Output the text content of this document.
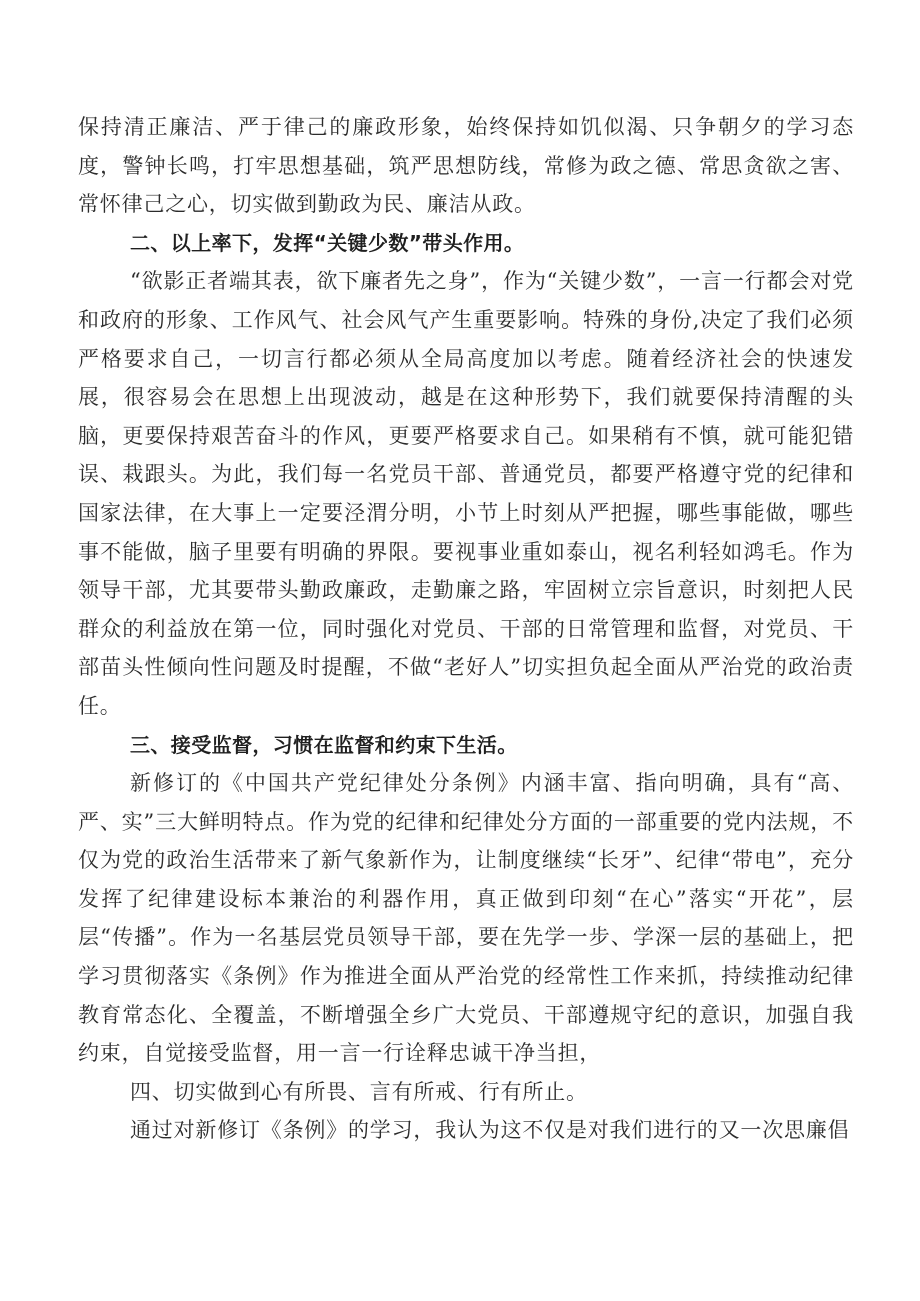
保持清正廉洁、严于律己的廉政形象，始终保持如饥似渴、只争朝夕的学习态度，警钟长鸣，打牢思想基础，筑严思想防线，常修为政之德、常思贪欲之害、常怀律己之心，切实做到勤政为民、廉洁从政。

二、以上率下，发挥“关键少数”带头作用。

“欲影正者端其表，欲下廉者先之身”，作为“关键少数”，一言一行都会对党和政府的形象、工作风气、社会风气产生重要影响。特殊的身份,决定了我们必须严格要求自己，一切言行都必须从全局高度加以考虑。随着经济社会的快速发展，很容易会在思想上出现波动，越是在这种形势下，我们就要保持清醒的头脑，更要保持艰苦奋斗的作风，更要严格要求自己。如果稍有不慎，就可能犯错误、栽跟头。为此，我们每一名党员干部、普通党员，都要严格遵守党的纪律和国家法律，在大事上一定要泾渭分明，小节上时刻从严把握，哪些事能做，哪些事不能做，脑子里要有明确的界限。要视事业重如泰山，视名利轻如鸿毛。作为领导干部，尤其要带头勤政廉政，走勤廉之路，牢固树立宗旨意识，时刻把人民群众的利益放在第一位，同时强化对党员、干部的日常管理和监督，对党员、干部苗头性倾向性问题及时提醒，不做“老好人”切实担负起全面从严治党的政治责任。

三、接受监督，习惯在监督和约束下生活。

新修订的《中国共产党纪律处分条例》内涵丰富、指向明确，具有“高、严、实”三大鲜明特点。作为党的纪律和纪律处分方面的一部重要的党内法规，不仅为党的政治生活带来了新气象新作为，让制度继续“长牙”、纪律“带电”，充分发挥了纪律建设标本兼治的利器作用，真正做到印刻“在心”落实“开花”，层层“传播”。作为一名基层党员领导干部，要在先学一步、学深一层的基础上，把学习贯彻落实《条例》作为推进全面从严治党的经常性工作来抓，持续推动纪律教育常态化、全覆盖，不断增强全乡广大党员、干部遵规守纪的意识，加强自我约束，自觉接受监督，用一言一行诠释忠诚干净当担，

四、切实做到心有所畏、言有所戒、行有所止。

通过对新修订《条例》的学习，我认为这不仅是对我们进行的又一次思廉倡
